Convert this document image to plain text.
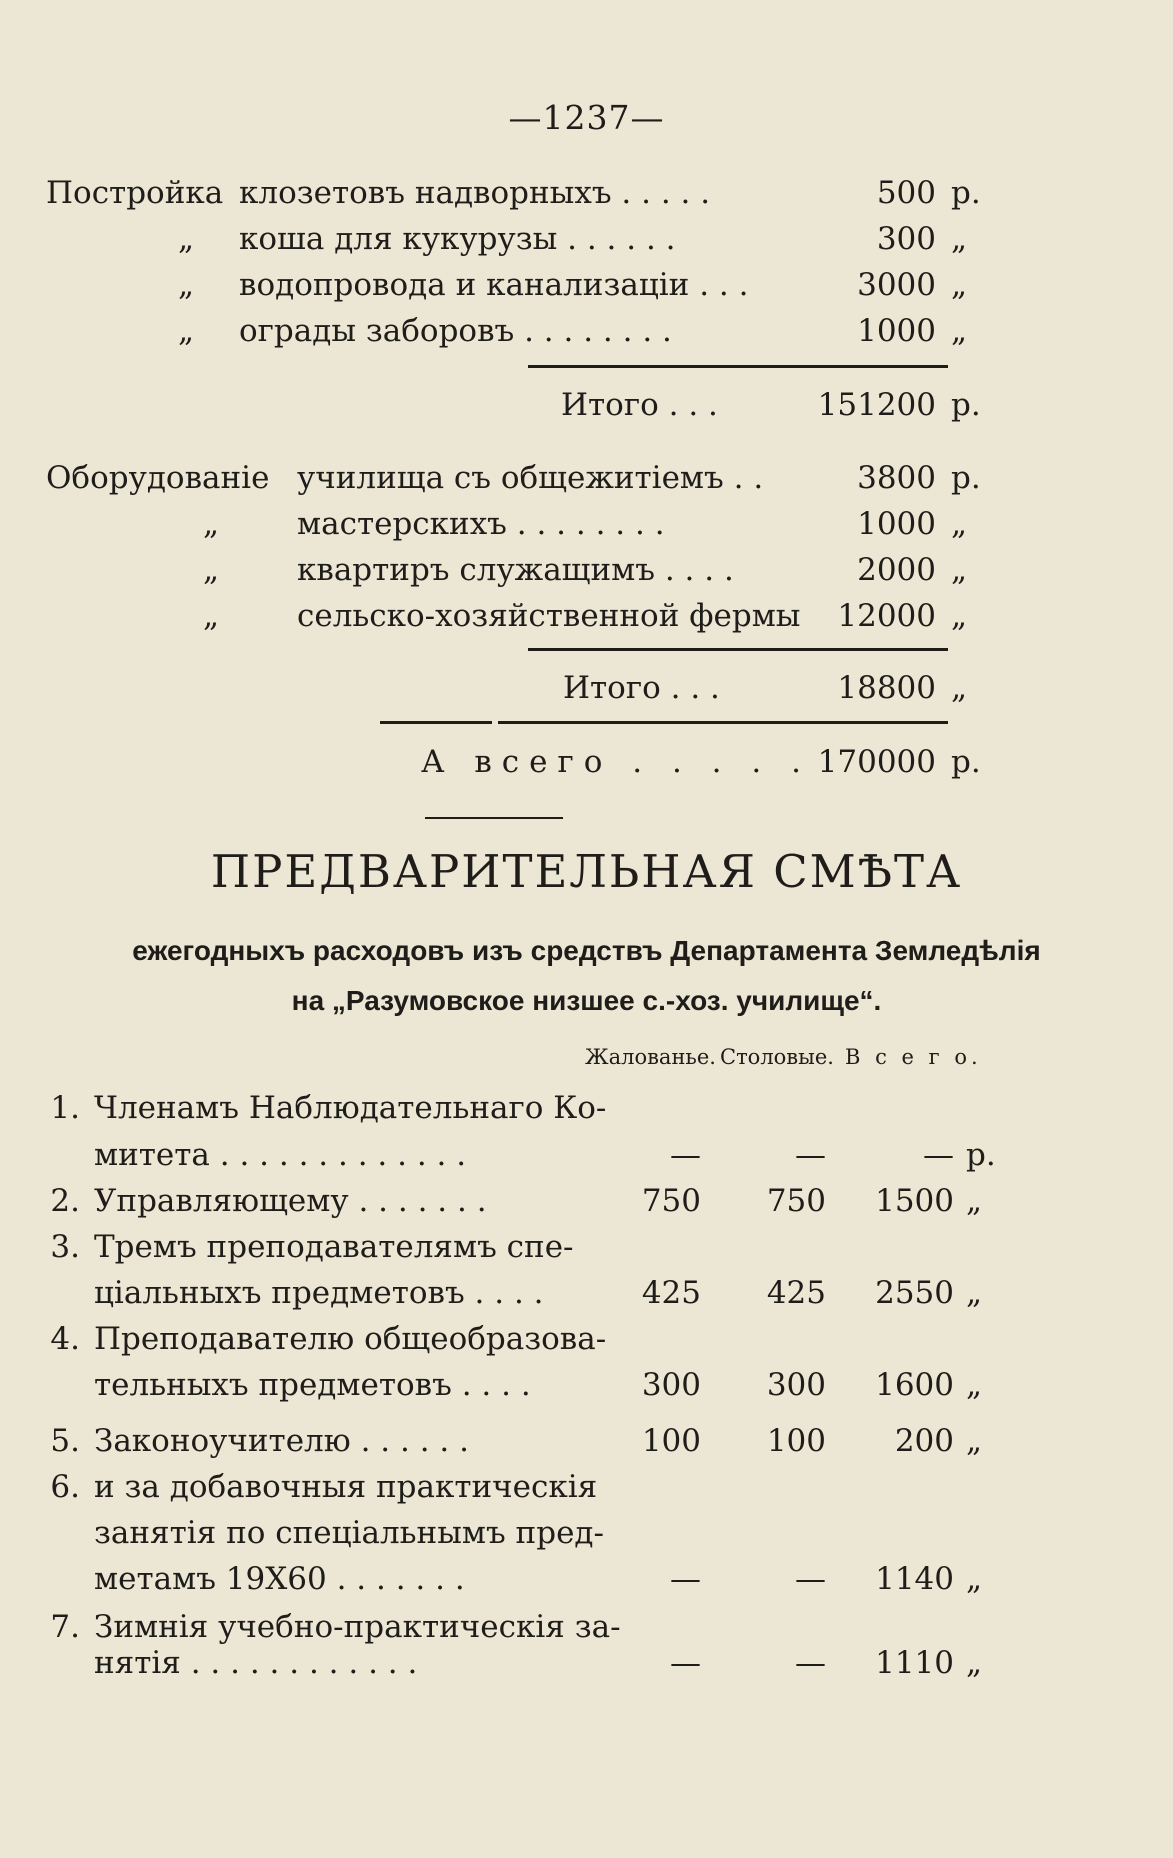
—1237—
Постройка клозетовъ надворныхъ . . . . .	500 р.
„	коша для кукурузы . . . . . .	300 „
„	водопровода и канализаціи . . .	3000 „
„	ограды заборовъ . . . . . . . .	1000 „
Итого . . .	151200 р.
Оборудованіе училища съ общежитіемъ . .	3800 р.
„	мастерскихъ . . . . . . . .	1000 „
„	квартиръ служащимъ . . . .	2000 „
„	сельско-хозяйственной фермы	12000 „
Итого . . .	18800 „
А всего . . . . . 170000 р.
ПРЕДВАРИТЕЛЬНАЯ СМѢТА
ежегодныхъ расходовъ изъ средствъ Департамента Земледѣлія
на „Разумовское низшее с.-хоз. училище“.
Жалованье. Столовые. В с е г о.
1. Членамъ Наблюдательнаго Ко-
митета . . . . . . . . . . . . .	—	—	— р.
2. Управляющему . . . . . . .	750	750	1500 „
3. Тремъ преподавателямъ спе-
ціальныхъ предметовъ . . . .	425	425	2550 „
4. Преподавателю общеобразова-
тельныхъ предметовъ . . . .	300	300	1600 „
5. Законоучителю . . . . . .	100	100	200 „
6. и за добавочныя практическія
занятія по спеціальнымъ пред-
метамъ 19Х60 . . . . . . .	—	—	1140 „
7. Зимнія учебно-практическія за-
нятія . . . . . . . . . . . .	—	—	1110 „
